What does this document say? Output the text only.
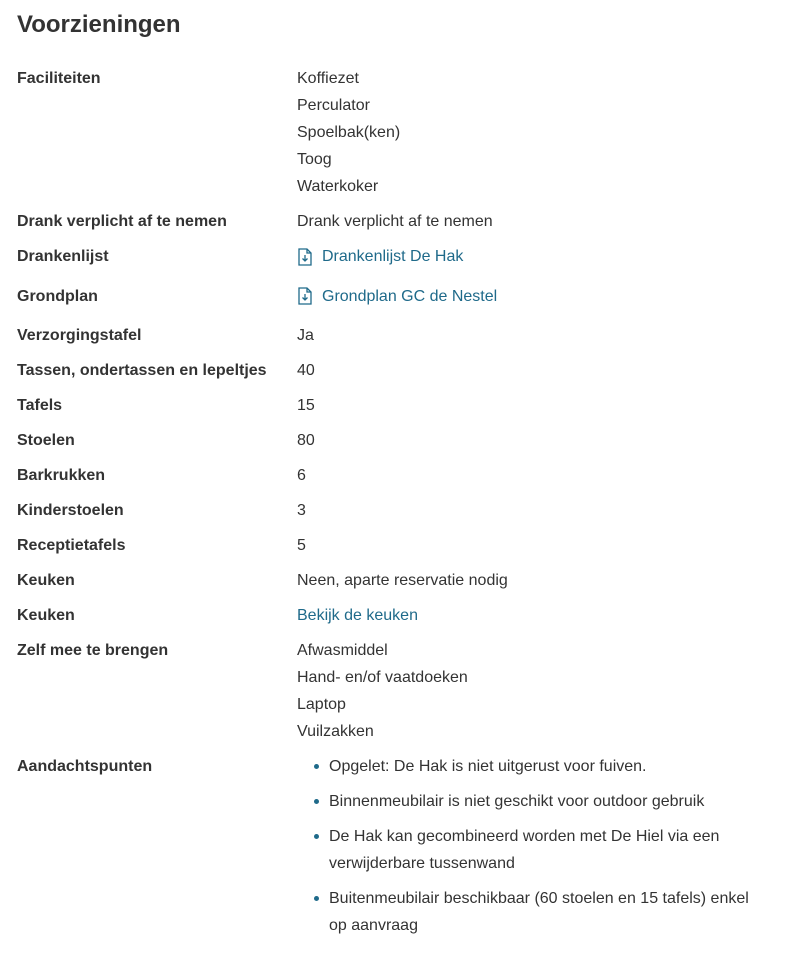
Voorzieningen
Faciliteiten	Koffiezet
Perculator
Spoelbak(ken)
Toog
Waterkoker
Drank verplicht af te nemen	Drank verplicht af te nemen
Drankenlijst	Drankenlijst De Hak
Grondplan	Grondplan GC de Nestel
Verzorgingstafel	Ja
Tassen, ondertassen en lepeltjes	40
Tafels	15
Stoelen	80
Barkrukken	6
Kinderstoelen	3
Receptietafels	5
Keuken	Neen, aparte reservatie nodig
Keuken	Bekijk de keuken
Zelf mee te brengen	Afwasmiddel
Hand- en/of vaatdoeken
Laptop
Vuilzakken
Aandachtspunten	Opgelet: De Hak is niet uitgerust voor fuiven.
Binnenmeubilair is niet geschikt voor outdoor gebruik
De Hak kan gecombineerd worden met De Hiel via een verwijderbare tussenwand
Buitenmeubilair beschikbaar (60 stoelen en 15 tafels) enkel op aanvraag
